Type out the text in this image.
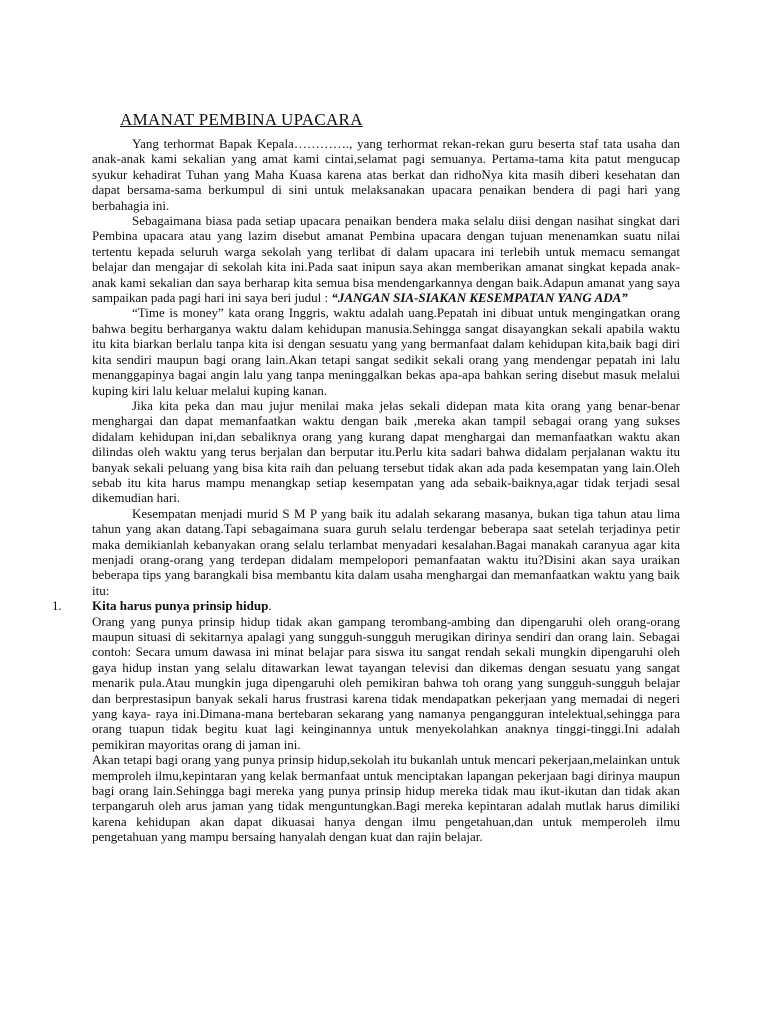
AMANAT PEMBINA UPACARA

Yang terhormat Bapak Kepala…………., yang terhormat rekan-rekan guru beserta staf tata usaha dan anak-anak kami sekalian yang amat kami cintai,selamat pagi semuanya. Pertama-tama kita patut mengucap syukur kehadirat Tuhan yang Maha Kuasa karena atas berkat dan ridhoNya kita masih diberi kesehatan dan dapat bersama-sama berkumpul di sini untuk melaksanakan upacara penaikan bendera di pagi hari yang berbahagia ini.

Sebagaimana biasa pada setiap upacara penaikan bendera maka selalu diisi dengan nasihat singkat dari Pembina upacara atau yang lazim disebut amanat Pembina upacara dengan tujuan menenamkan suatu nilai tertentu kepada seluruh warga sekolah yang terlibat di dalam upacara ini terlebih untuk memacu semangat belajar dan mengajar di sekolah kita ini.Pada saat inipun saya akan memberikan amanat singkat kepada anak-anak kami sekalian dan saya berharap kita semua bisa mendengarkannya dengan baik.Adapun amanat yang saya sampaikan pada pagi hari ini saya beri judul : “JANGAN SIA-SIAKAN KESEMPATAN YANG ADA”

“Time is money” kata orang Inggris, waktu adalah uang.Pepatah ini dibuat untuk mengingatkan orang bahwa begitu berharganya waktu dalam kehidupan manusia.Sehingga sangat disayangkan sekali apabila waktu itu kita biarkan berlalu tanpa kita isi dengan sesuatu yang yang bermanfaat dalam kehidupan kita,baik bagi diri kita sendiri maupun bagi orang lain.Akan tetapi sangat sedikit sekali orang yang mendengar pepatah ini lalu menanggapinya bagai angin lalu yang tanpa meninggalkan bekas apa-apa bahkan sering disebut masuk melalui kuping kiri lalu keluar melalui kuping kanan.

Jika kita peka dan mau jujur menilai maka jelas sekali didepan mata kita orang yang benar-benar menghargai dan dapat memanfaatkan waktu dengan baik ,mereka akan tampil sebagai orang yang sukses didalam kehidupan ini,dan sebaliknya orang yang kurang dapat menghargai dan memanfaatkan waktu akan dilindas oleh waktu yang terus berjalan dan berputar itu.Perlu kita sadari bahwa didalam perjalanan waktu itu banyak sekali peluang yang bisa kita raih dan peluang tersebut tidak akan ada pada kesempatan yang lain.Oleh sebab itu kita harus mampu menangkap setiap kesempatan yang ada sebaik-baiknya,agar tidak terjadi sesal dikemudian hari.

Kesempatan menjadi murid S M P yang baik itu adalah sekarang masanya, bukan tiga tahun atau lima tahun yang akan datang.Tapi sebagaimana suara guruh selalu terdengar beberapa saat setelah terjadinya petir maka demikianlah kebanyakan orang selalu terlambat menyadari kesalahan.Bagai manakah caranyua agar kita menjadi orang-orang yang terdepan didalam mempelopori pemanfaatan waktu itu?Disini akan saya uraikan beberapa tips yang barangkali bisa membantu kita dalam usaha menghargai dan memanfaatkan waktu yang baik itu:

1. Kita harus punya prinsip hidup.

Orang yang punya prinsip hidup tidak akan gampang terombang-ambing dan dipengaruhi oleh orang-orang maupun situasi di sekitarnya apalagi yang sungguh-sungguh merugikan dirinya sendiri dan orang lain. Sebagai contoh: Secara umum dawasa ini minat belajar para siswa itu sangat rendah sekali mungkin dipengaruhi oleh gaya hidup instan yang selalu ditawarkan lewat tayangan televisi dan dikemas dengan sesuatu yang sangat menarik pula.Atau mungkin juga dipengaruhi oleh pemikiran bahwa toh orang yang sungguh-sungguh belajar dan berprestasipun banyak sekali harus frustrasi karena tidak mendapatkan pekerjaan yang memadai di negeri yang kaya- raya ini.Dimana-mana bertebaran sekarang yang namanya pengangguran intelektual,sehingga para orang tuapun tidak begitu kuat lagi keinginannya untuk menyekolahkan anaknya tinggi-tinggi.Ini adalah pemikiran mayoritas orang di jaman ini.

Akan tetapi bagi orang yang punya prinsip hidup,sekolah itu bukanlah untuk mencari pekerjaan,melainkan untuk memproleh ilmu,kepintaran yang kelak bermanfaat untuk menciptakan lapangan pekerjaan bagi dirinya maupun bagi orang lain.Sehingga bagi mereka yang punya prinsip hidup mereka tidak mau ikut-ikutan dan tidak akan terpangaruh oleh arus jaman yang tidak menguntungkan.Bagi mereka kepintaran adalah mutlak harus dimiliki karena kehidupan akan dapat dikuasai hanya dengan ilmu pengetahuan,dan untuk memperoleh ilmu pengetahuan yang mampu bersaing hanyalah dengan kuat dan rajin belajar.
